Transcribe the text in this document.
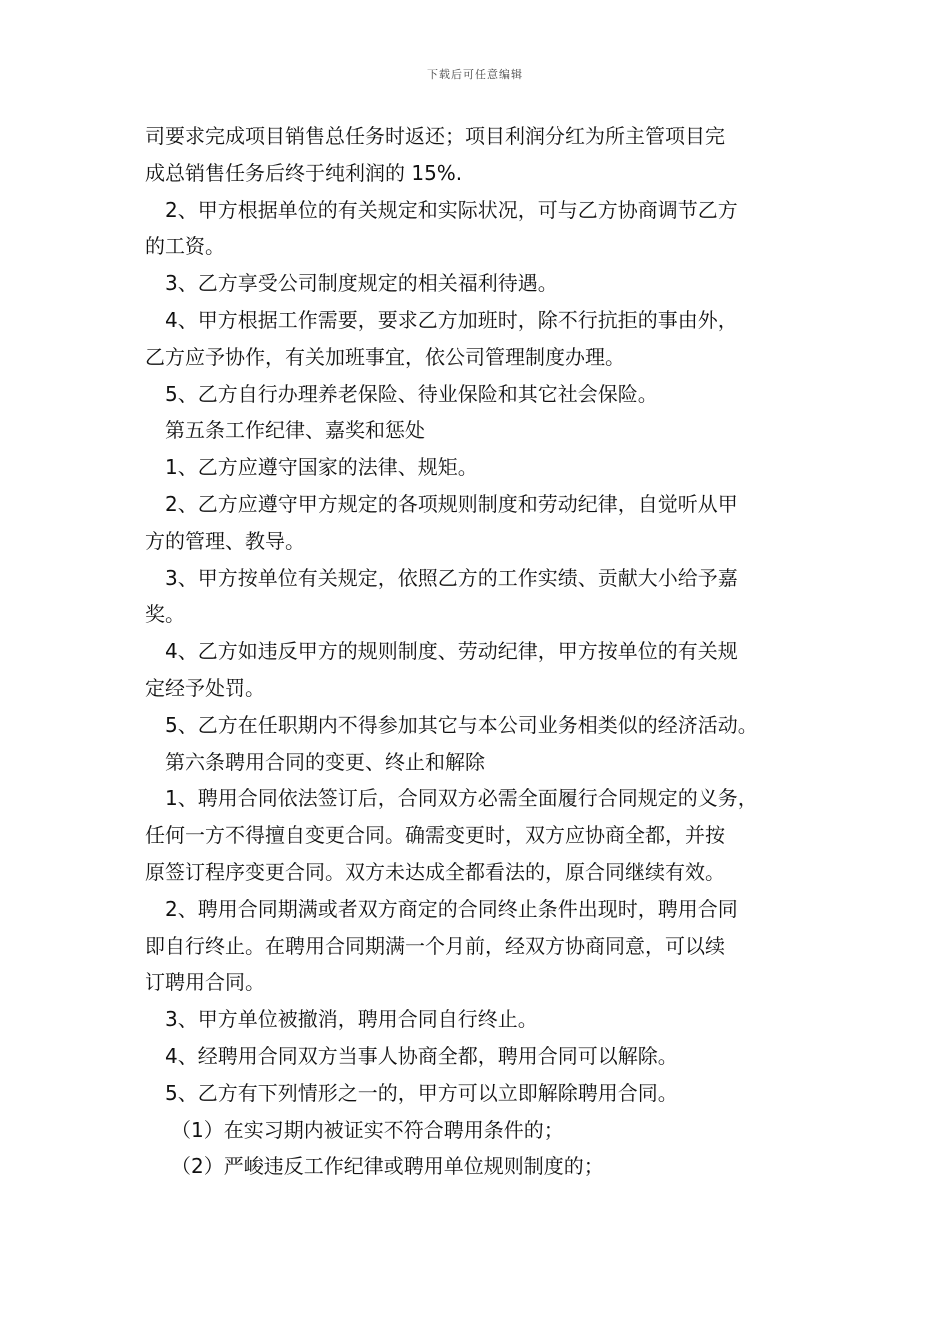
下载后可任意编辑

司要求完成项目销售总任务时返还；项目利润分红为所主管项目完

成总销售任务后终于纯利润的 15%.

2、甲方根据单位的有关规定和实际状况，可与乙方协商调节乙方

的工资。

3、乙方享受公司制度规定的相关福利待遇。

4、甲方根据工作需要，要求乙方加班时，除不行抗拒的事由外，

乙方应予协作，有关加班事宜，依公司管理制度办理。

5、乙方自行办理养老保险、待业保险和其它社会保险。

第五条工作纪律、嘉奖和惩处

1、乙方应遵守国家的法律、规矩。

2、乙方应遵守甲方规定的各项规则制度和劳动纪律，自觉听从甲

方的管理、教导。

3、甲方按单位有关规定，依照乙方的工作实绩、贡献大小给予嘉

奖。

4、乙方如违反甲方的规则制度、劳动纪律，甲方按单位的有关规

定经予处罚。

5、乙方在任职期内不得参加其它与本公司业务相类似的经济活动。

第六条聘用合同的变更、终止和解除

1、聘用合同依法签订后，合同双方必需全面履行合同规定的义务，

任何一方不得擅自变更合同。确需变更时，双方应协商全都，并按

原签订程序变更合同。双方未达成全都看法的，原合同继续有效。

2、聘用合同期满或者双方商定的合同终止条件出现时，聘用合同

即自行终止。在聘用合同期满一个月前，经双方协商同意，可以续

订聘用合同。

3、甲方单位被撤消，聘用合同自行终止。

4、经聘用合同双方当事人协商全都，聘用合同可以解除。

5、乙方有下列情形之一的，甲方可以立即解除聘用合同。

（1）在实习期内被证实不符合聘用条件的；

（2）严峻违反工作纪律或聘用单位规则制度的；
